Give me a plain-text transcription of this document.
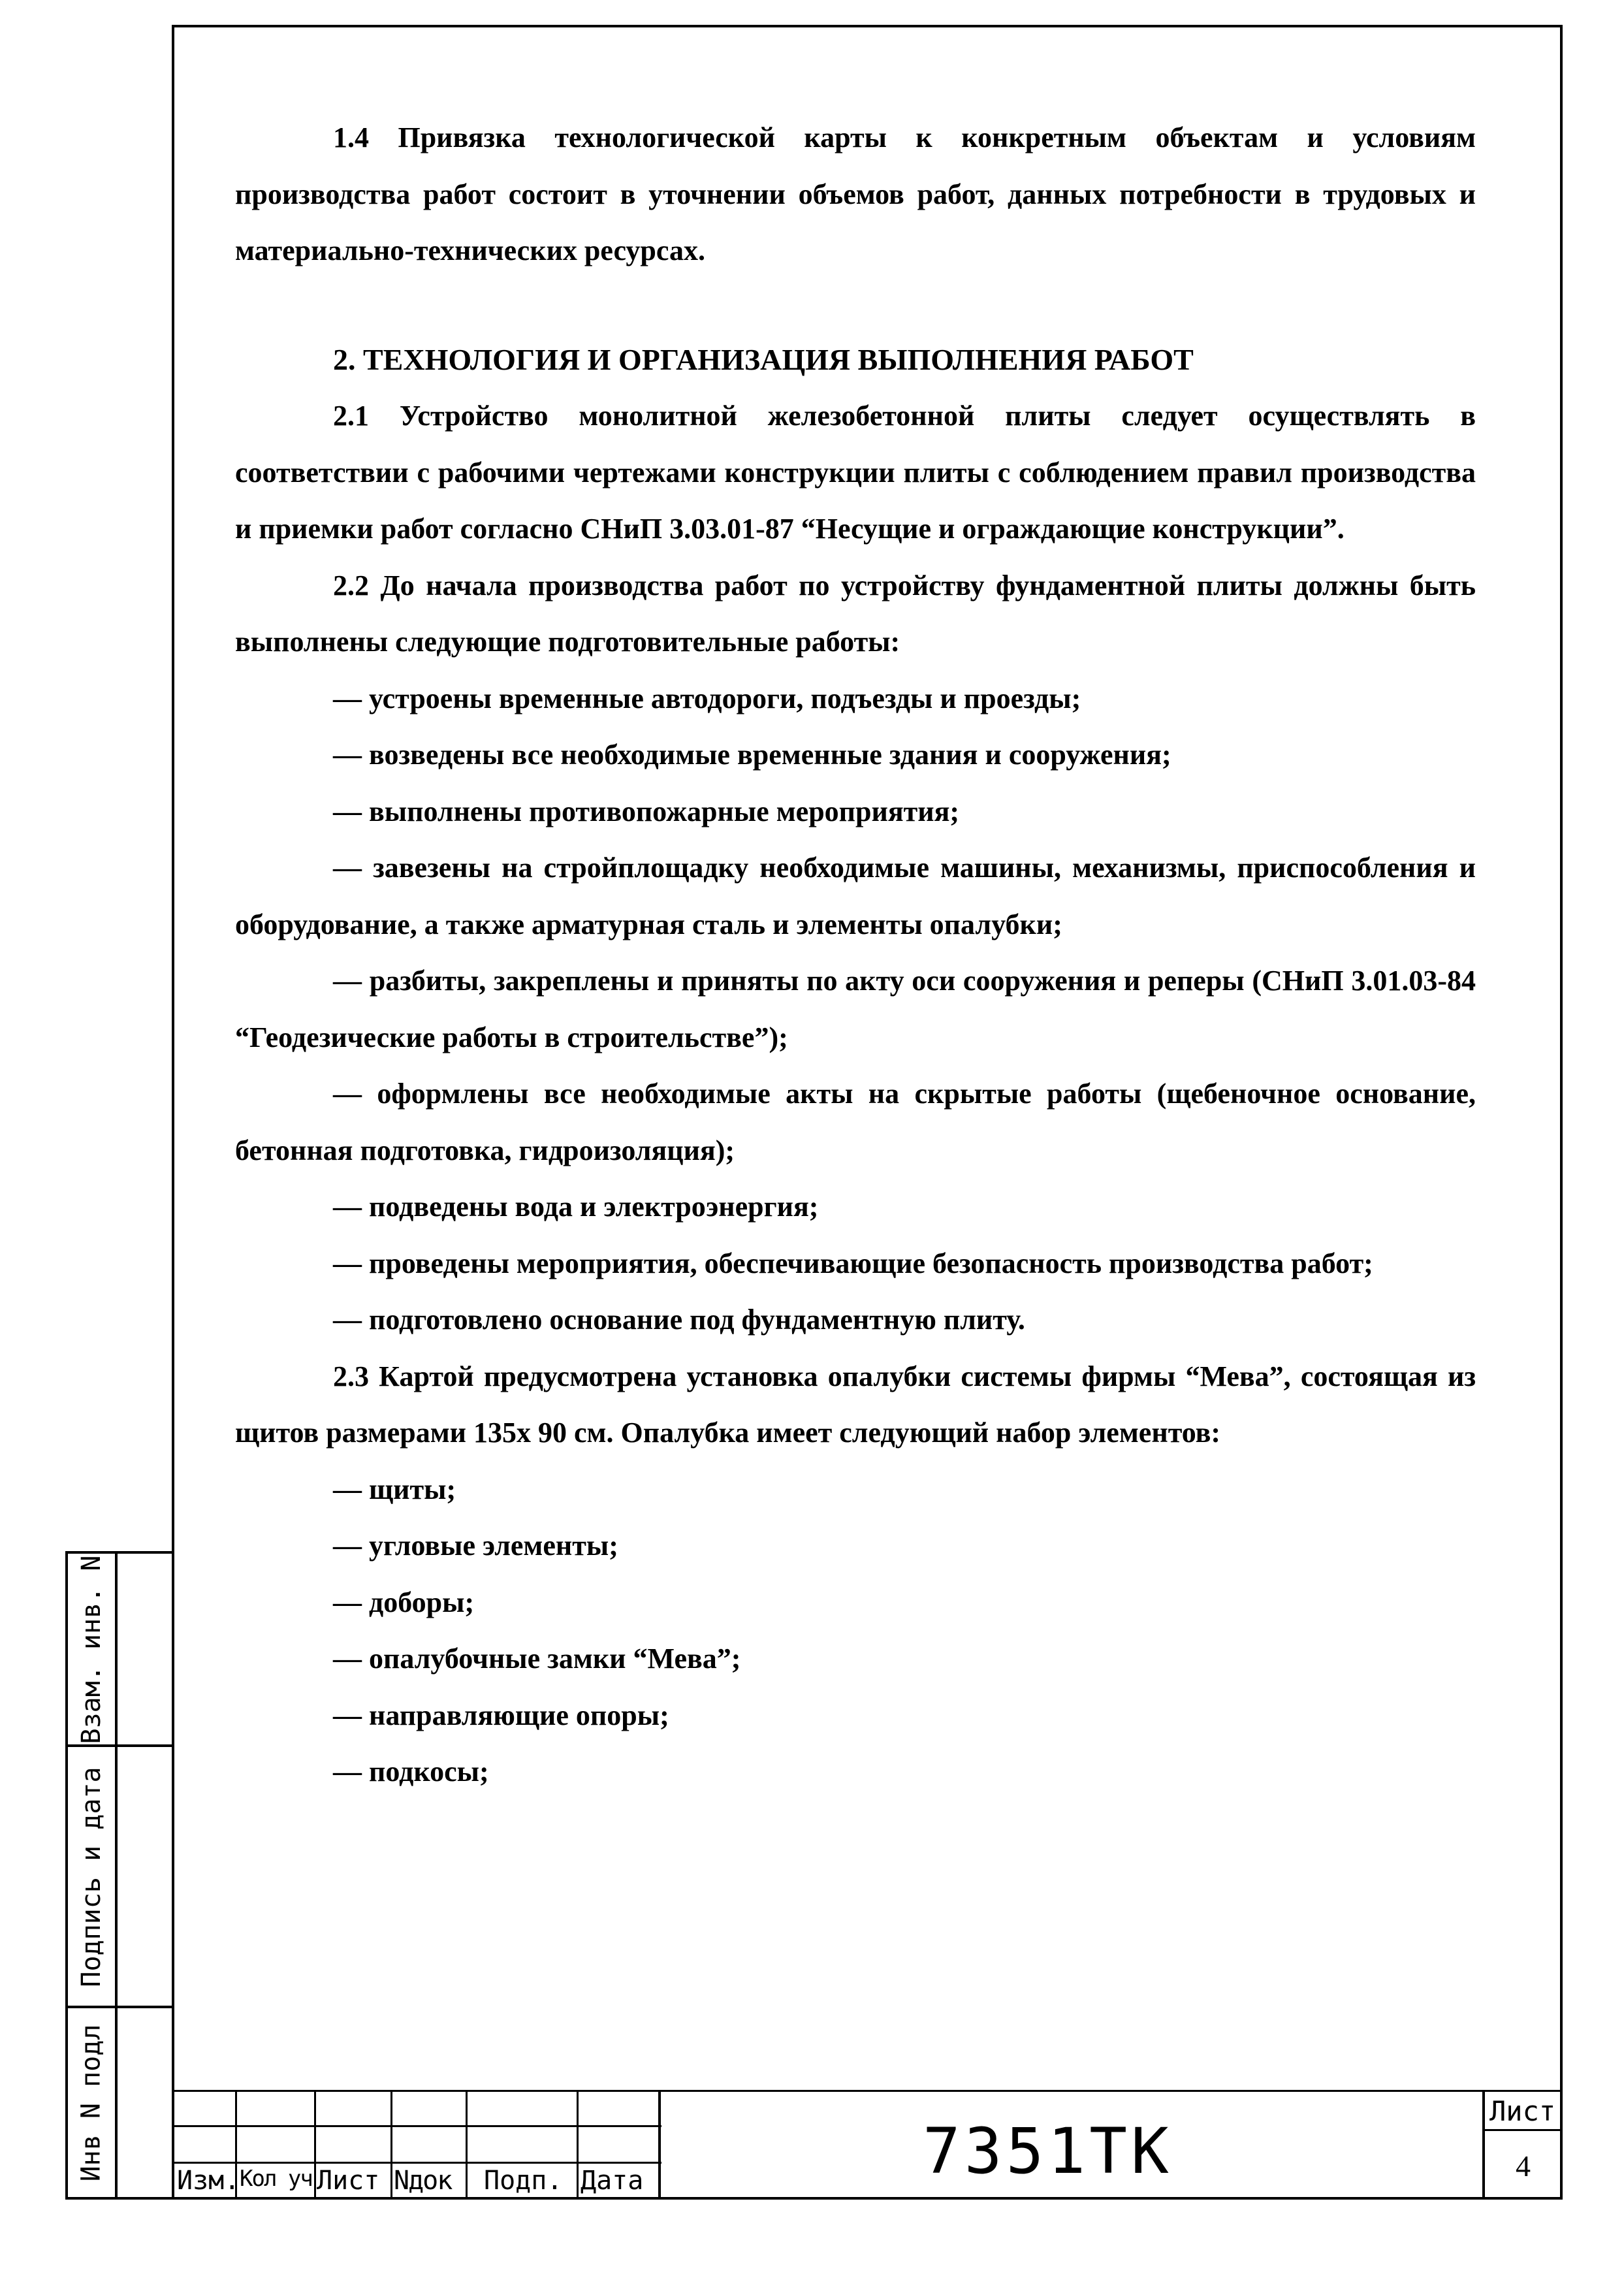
1.4 Привязка технологической карты к конкретным объектам и условиям производства работ состоит в уточнении объемов работ, данных потребности в трудовых и материально-технических ресурсах.

2. ТЕХНОЛОГИЯ И ОРГАНИЗАЦИЯ ВЫПОЛНЕНИЯ РАБОТ

2.1 Устройство монолитной железобетонной плиты следует осуществлять в соответствии с рабочими чертежами конструкции плиты с соблюдением правил производства и приемки работ согласно СНиП 3.03.01-87 “Несущие и ограждающие конструкции”.

2.2 До начала производства работ по устройству фундаментной плиты должны быть выполнены следующие подготовительные работы:

— устроены временные автодороги, подъезды и проезды;

— возведены все необходимые временные здания и сооружения;

— выполнены противопожарные мероприятия;

— завезены на стройплощадку необходимые машины, механизмы, приспособления и оборудование, а также арматурная сталь и элементы опалубки;

— разбиты, закреплены и приняты по акту оси сооружения и реперы (СНиП 3.01.03-84 “Геодезические работы в строительстве”);

— оформлены все необходимые акты на скрытые работы (щебеночное основание, бетонная подготовка, гидроизоляция);

— подведены вода и электроэнергия;

— проведены мероприятия, обеспечивающие безопасность производства работ;

— подготовлено основание под фундаментную плиту.

2.3 Картой предусмотрена установка опалубки системы фирмы “Мева”, состоящая из щитов размерами 135х 90 см. Опалубка имеет следующий набор элементов:

— щиты;

— угловые элементы;

— доборы;

— опалубочные замки “Мева”;

— направляющие опоры;

— подкосы;

Взам. инв. N
Подпись и дата
Инв N подл	Изм. Кол уч Лист Nдок Подп. Дата	7351ТК
Лист
4
